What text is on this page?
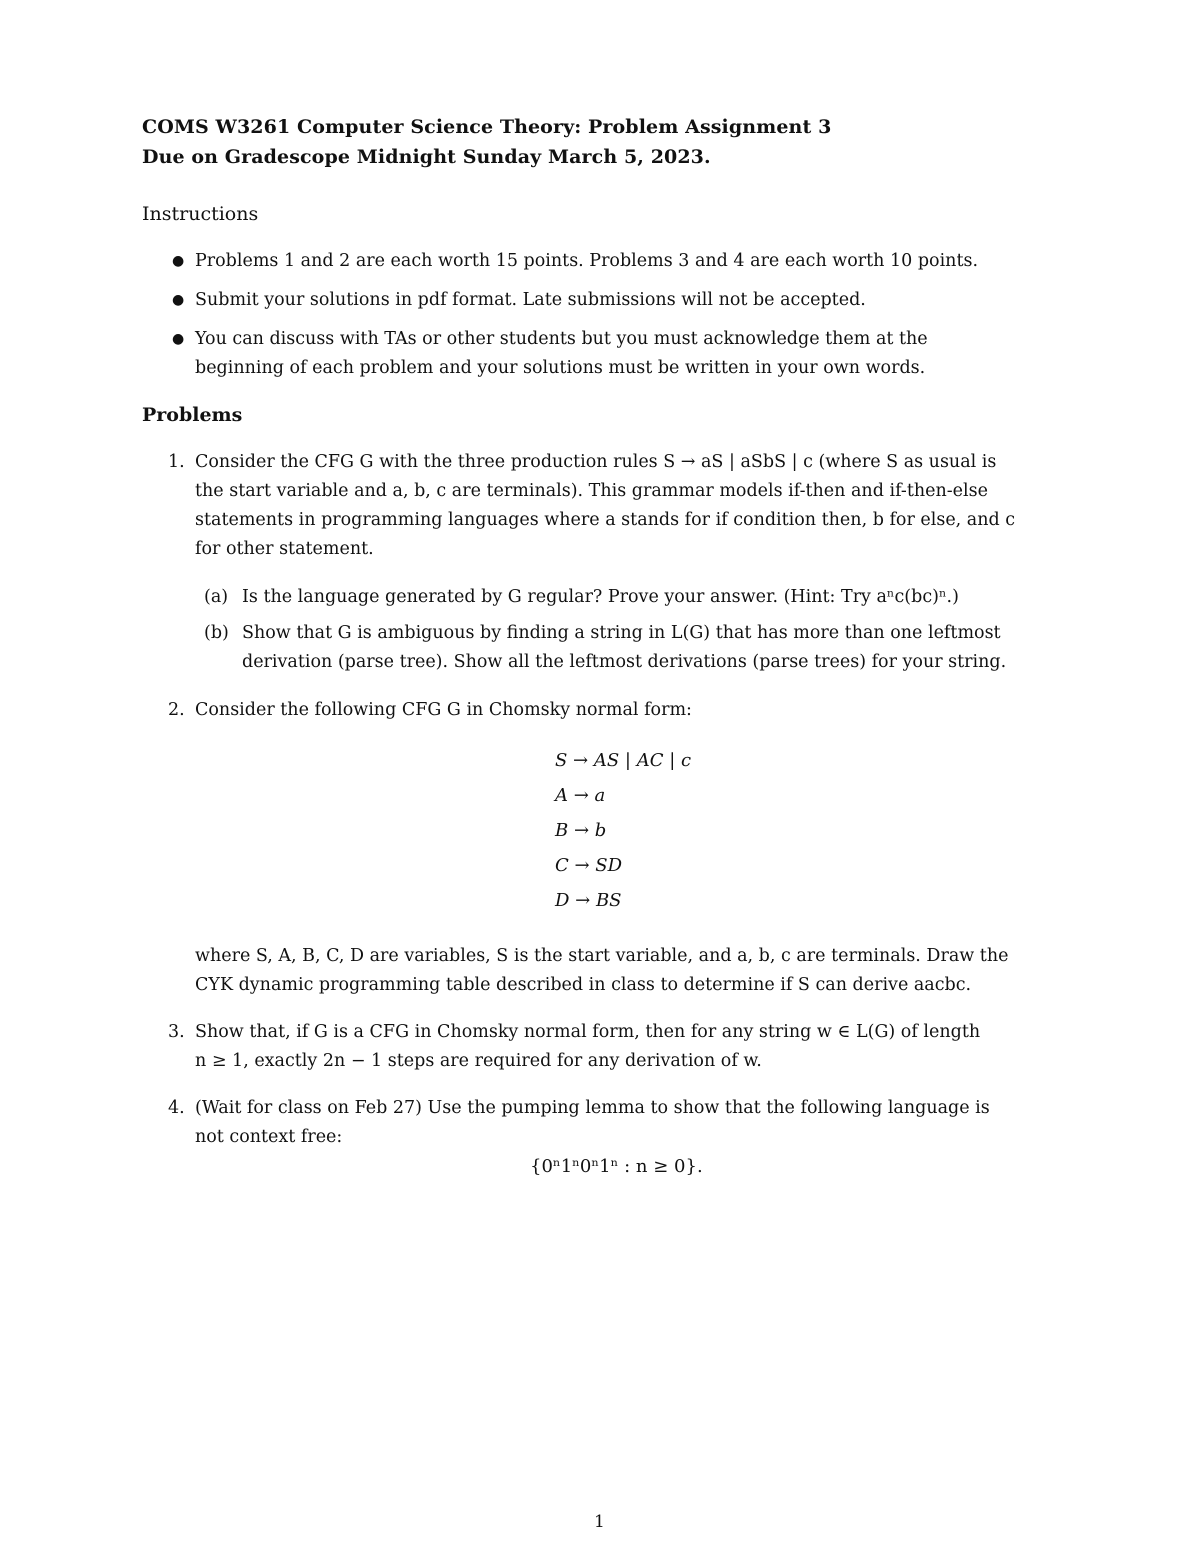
COMS W3261 Computer Science Theory: Problem Assignment 3
Due on Gradescope Midnight Sunday March 5, 2023.
Instructions
● Problems 1 and 2 are each worth 15 points. Problems 3 and 4 are each worth 10 points.
● Submit your solutions in pdf format. Late submissions will not be accepted.
● You can discuss with TAs or other students but you must acknowledge them at the
beginning of each problem and your solutions must be written in your own words.
Problems
1. Consider the CFG G with the three production rules S → aS | aSbS | c (where S as usual is
the start variable and a, b, c are terminals). This grammar models if-then and if-then-else
statements in programming languages where a stands for if condition then, b for else, and c
for other statement.
(a) Is the language generated by G regular? Prove your answer. (Hint: Try aⁿc(bc)ⁿ.)
(b) Show that G is ambiguous by finding a string in L(G) that has more than one leftmost
derivation (parse tree). Show all the leftmost derivations (parse trees) for your string.
2. Consider the following CFG G in Chomsky normal form:
S → AS | AC | c
A → a
B → b
C → SD
D → BS
where S, A, B, C, D are variables, S is the start variable, and a, b, c are terminals. Draw the
CYK dynamic programming table described in class to determine if S can derive aacbc.
3. Show that, if G is a CFG in Chomsky normal form, then for any string w ∈ L(G) of length
n ≥ 1, exactly 2n − 1 steps are required for any derivation of w.
4. (Wait for class on Feb 27) Use the pumping lemma to show that the following language is
not context free:
{0ⁿ1ⁿ0ⁿ1ⁿ : n ≥ 0}.
1
